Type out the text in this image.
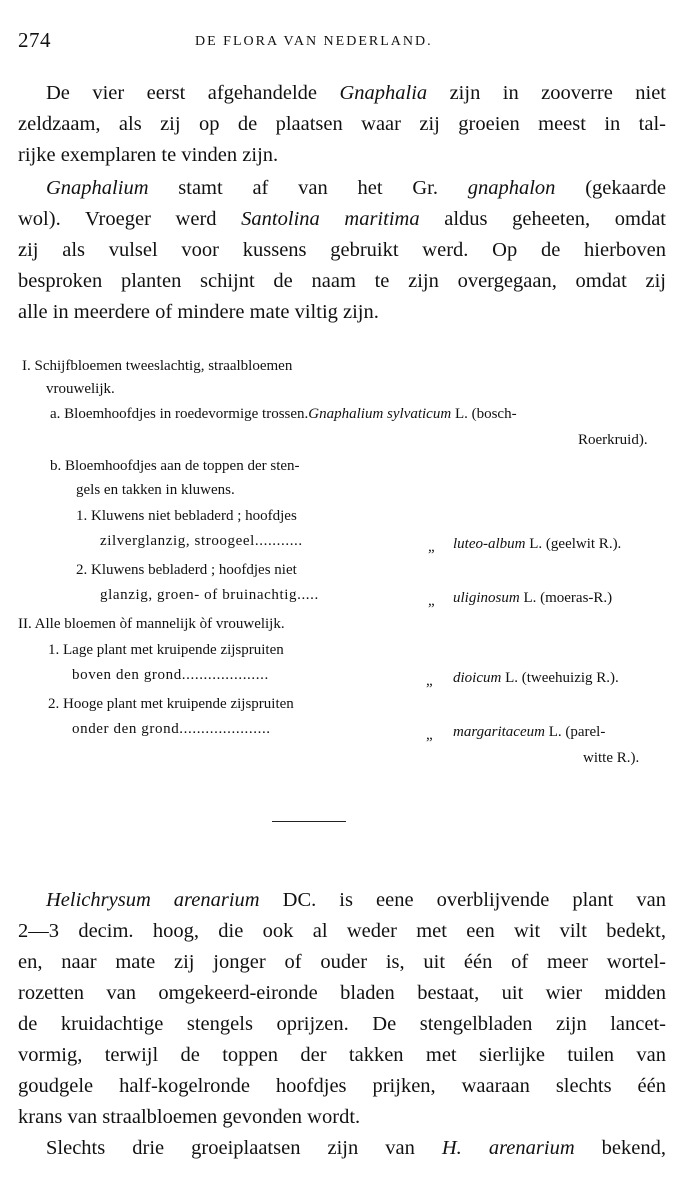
274	DE FLORA VAN NEDERLAND.
De vier eerst afgehandelde Gnaphalia zijn in zooverre niet
zeldzaam, als zij op de plaatsen waar zij groeien meest in tal-
rijke exemplaren te vinden zijn.
Gnaphalium stamt af van het Gr. gnaphalon (gekaarde
wol). Vroeger werd Santolina maritima aldus geheeten, omdat
zij als vulsel voor kussens gebruikt werd. Op de hierboven
besproken planten schijnt de naam te zijn overgegaan, omdat zij
alle in meerdere of mindere mate viltig zijn.
I. Schijfbloemen tweeslachtig, straalbloemen
vrouwelijk.
a. Bloemhoofdjes in roedevormige trossen.Gnaphalium sylvaticum L. (bosch-
Roerkruid).
b. Bloemhoofdjes aan de toppen der sten-
gels en takken in kluwens.
1. Kluwens niet bebladerd ; hoofdjes
zilverglanzig, stroogeel...........	„ luteo-album L. (geelwit R.).
2. Kluwens bebladerd ; hoofdjes niet
glanzig, groen- of bruinachtig.....	„ uliginosum L. (moeras-R.)
II. Alle bloemen òf mannelijk òf vrouwelijk.
1. Lage plant met kruipende zijspruiten
boven den grond....................	„ dioicum L. (tweehuizig R.).
2. Hooge plant met kruipende zijspruiten
onder den grond.....................	„ margaritaceum L. (parel-
witte R.).
Helichrysum arenarium DC. is eene overblijvende plant van
2—3 decim. hoog, die ook al weder met een wit vilt bedekt,
en, naar mate zij jonger of ouder is, uit één of meer wortel-
rozetten van omgekeerd-eironde bladen bestaat, uit wier midden
de kruidachtige stengels oprijzen. De stengelbladen zijn lancet-
vormig, terwijl de toppen der takken met sierlijke tuilen van
goudgele half-kogelronde hoofdjes prijken, waaraan slechts één
krans van straalbloemen gevonden wordt.
Slechts drie groeiplaatsen zijn van H. arenarium bekend,
